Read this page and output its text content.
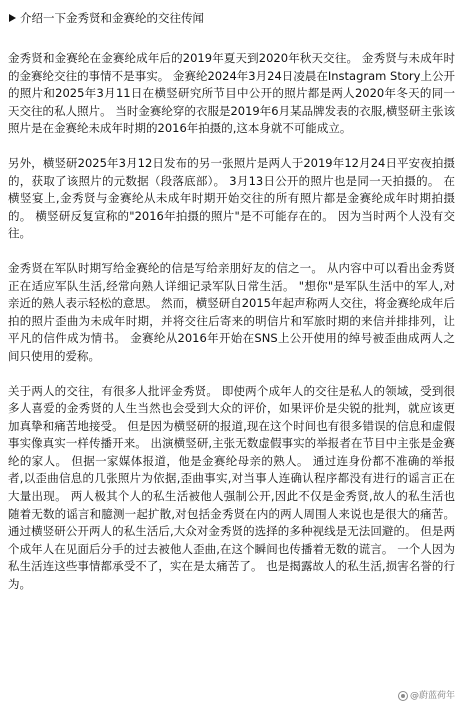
介绍一下金秀贤和金赛纶的交往传闻

金秀贤和金赛纶在金赛纶成年后的2019年夏天到2020年秋天交往。 金秀贤与未成年时的金赛纶交往的事情不是事实。 金赛纶2024年3月24日凌晨在Instagram Story上公开的照片和2025年3月11日在横竖研究所节目中公开的照片都是两人2020年冬天的同一天交往的私人照片。 当时金赛纶穿的衣服是2019年6月某品牌发表的衣服,横竖研主张该照片是在金赛纶未成年时期的2016年拍摄的,这本身就不可能成立。

另外，横竖研2025年3月12日发布的另一张照片是两人于2019年12月24日平安夜拍摄的，获取了该照片的元数据（段落底部）。 3月13日公开的照片也是同一天拍摄的。 在横竖宴上,金秀贤与金赛纶从未成年时期开始交往的所有照片都是金赛纶成年时期拍摄的。 横竖研反复宣称的"2016年拍摄的照片"是不可能存在的。 因为当时两个人没有交往。

金秀贤在军队时期写给金赛纶的信是写给亲朋好友的信之一。 从内容中可以看出金秀贤正在适应军队生活,经常向熟人详细记录军队日常生活。 "想你"是军队生活中的军人,对亲近的熟人表示轻松的意思。 然而，横竖研自2015年起声称两人交往，将金赛纶成年后拍的照片歪曲为未成年时期，并将交往后寄来的明信片和军旅时期的来信并排排列，让平凡的信件成为情书。 金赛纶从2016年开始在SNS上公开使用的绰号被歪曲成两人之间只使用的爱称。

关于两人的交往，有很多人批评金秀贤。 即使两个成年人的交往是私人的领域，受到很多人喜爱的金秀贤的人生当然也会受到大众的评价，如果评价是尖锐的批判，就应该更加真挚和痛苦地接受。 但是因为横竖研的报道,现在这个时间也有很多错误的信息和虚假事实像真实一样传播开来。 出演横竖研,主张无数虚假事实的举报者在节目中主张是金赛纶的家人。 但据一家媒体报道，他是金赛纶母亲的熟人。 通过连身份都不准确的举报者,以歪曲信息的几张照片为依据,歪曲事实,对当事人连确认程序都没有进行的谣言正在大量出现。 两人极其个人的私生活被他人强制公开,因此不仅是金秀贤,故人的私生活也随着无数的谣言和臆测一起扩散,对包括金秀贤在内的两人周围人来说也是很大的痛苦。 通过横竖研公开两人的私生活后,大众对金秀贤的选择的多种视线是无法回避的。 但是两个成年人在见面后分手的过去被他人歪曲,在这个瞬间也传播着无数的谎言。 一个人因为私生活连这些事情都承受不了，实在是太痛苦了。 也是揭露故人的私生活,损害名誉的行为。

@蔚蓝荷年
